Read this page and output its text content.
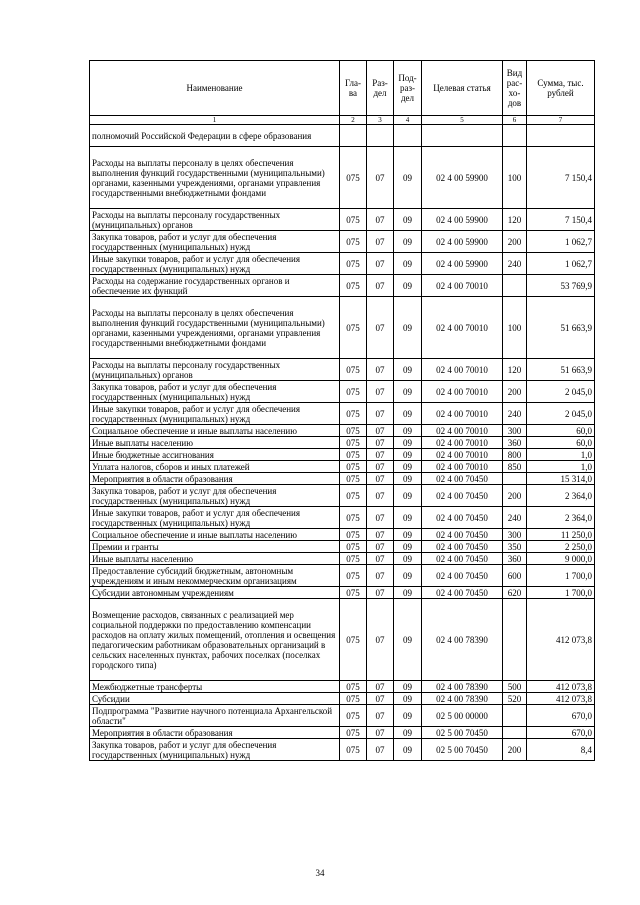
Наименование	Гла-ва	Раз-дел	Под-раз-дел	Целевая статья	Вид рас-хо-дов	Сумма, тыс. рублей
1	2	3	4	5	6	7
полномочий Российской Федерации в сфере образования						
Расходы на выплаты персоналу в целях обеспечения выполнения функций государственными (муниципальными) органами, казенными учреждениями, органами управления государственными внебюджетными фондами	075	07	09	02 4 00 59900	100	7 150,4
Расходы на выплаты персоналу государственных (муниципальных) органов	075	07	09	02 4 00 59900	120	7 150,4
Закупка товаров, работ и услуг для обеспечения государственных (муниципальных) нужд	075	07	09	02 4 00 59900	200	1 062,7
Иные закупки товаров, работ и услуг для обеспечения государственных (муниципальных) нужд	075	07	09	02 4 00 59900	240	1 062,7
Расходы на содержание государственных органов и обеспечение их функций	075	07	09	02 4 00 70010		53 769,9
Расходы на выплаты персоналу в целях обеспечения выполнения функций государственными (муниципальными) органами, казенными учреждениями, органами управления государственными внебюджетными фондами	075	07	09	02 4 00 70010	100	51 663,9
Расходы на выплаты персоналу государственных (муниципальных) органов	075	07	09	02 4 00 70010	120	51 663,9
Закупка товаров, работ и услуг для обеспечения государственных (муниципальных) нужд	075	07	09	02 4 00 70010	200	2 045,0
Иные закупки товаров, работ и услуг для обеспечения государственных (муниципальных) нужд	075	07	09	02 4 00 70010	240	2 045,0
Социальное обеспечение и иные выплаты населению	075	07	09	02 4 00 70010	300	60,0
Иные выплаты населению	075	07	09	02 4 00 70010	360	60,0
Иные бюджетные ассигнования	075	07	09	02 4 00 70010	800	1,0
Уплата налогов, сборов и иных платежей	075	07	09	02 4 00 70010	850	1,0
Мероприятия в области образования	075	07	09	02 4 00 70450		15 314,0
Закупка товаров, работ и услуг для обеспечения государственных (муниципальных) нужд	075	07	09	02 4 00 70450	200	2 364,0
Иные закупки товаров, работ и услуг для обеспечения государственных (муниципальных) нужд	075	07	09	02 4 00 70450	240	2 364,0
Социальное обеспечение и иные выплаты населению	075	07	09	02 4 00 70450	300	11 250,0
Премии и гранты	075	07	09	02 4 00 70450	350	2 250,0
Иные выплаты населению	075	07	09	02 4 00 70450	360	9 000,0
Предоставление субсидий бюджетным, автономным учреждениям и иным некоммерческим организациям	075	07	09	02 4 00 70450	600	1 700,0
Субсидии автономным учреждениям	075	07	09	02 4 00 70450	620	1 700,0
Возмещение расходов, связанных с реализацией мер социальной поддержки по предоставлению компенсации расходов на оплату жилых помещений, отопления и освещения педагогическим работникам образовательных организаций в сельских населенных пунктах, рабочих поселках (поселках городского типа)	075	07	09	02 4 00 78390		412 073,8
Межбюджетные трансферты	075	07	09	02 4 00 78390	500	412 073,8
Субсидии	075	07	09	02 4 00 78390	520	412 073,8
Подпрограмма "Развитие научного потенциала Архангельской области"	075	07	09	02 5 00 00000		670,0
Мероприятия в области образования	075	07	09	02 5 00 70450		670,0
Закупка товаров, работ и услуг для обеспечения государственных (муниципальных) нужд	075	07	09	02 5 00 70450	200	8,4
34
